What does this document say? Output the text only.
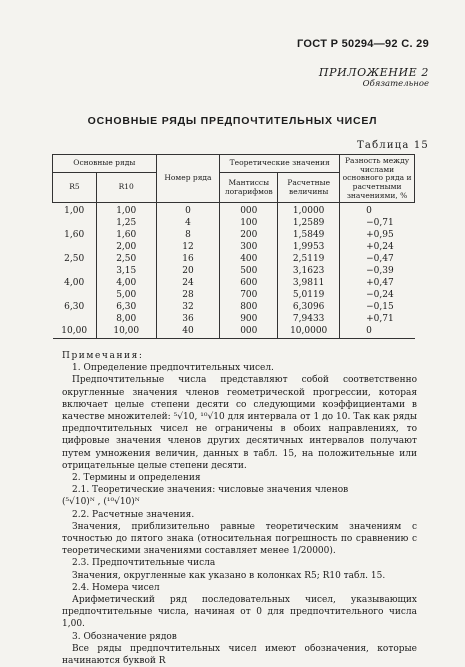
ГОСТ Р 50294—92 С. 29
ПРИЛОЖЕНИЕ 2
Обязательное
ОСНОВНЫЕ РЯДЫ ПРЕДПОЧТИТЕЛЬНЫХ ЧИСЕЛ
Таблица 15
Основные ряды		Номер ряда	Теоретические значения		Разность между числами основного ряда и расчетными значениями, %
R5	R10		Мантиссы логарифмов	Расчетные величины	
1,00	1,00	0	000	1,0000	0
	1,25	4	100	1,2589	−0,71
1,60	1,60	8	200	1,5849	+0,95
	2,00	12	300	1,9953	+0,24
2,50	2,50	16	400	2,5119	−0,47
	3,15	20	500	3,1623	−0,39
4,00	4,00	24	600	3,9811	+0,47
	5,00	28	700	5,0119	−0,24
6,30	6,30	32	800	6,3096	−0,15
	8,00	36	900	7,9433	+0,71
10,00	10,00	40	000	10,0000	0

Примечания:

1. Определение предпочтительных чисел.

Предпочтительные числа представляют собой соответственно округленные значения членов геометрической прогрессии, которая включает целые степени десяти со следующими коэффициентами в качестве множителей: ⁵√10, ¹⁰√10 для интервала от 1 до 10. Так как ряды предпочтительных чисел не ограничены в обоих направлениях, то цифровые значения членов других десятичных интервалов получают путем умножения величин, данных в табл. 15, на положительные или отрицательные целые степени десяти.

2. Термины и определения

2.1. Теоретические значения: числовые значения членов

(⁵√10)ᴺ , (¹⁰√10)ᴺ

2.2. Расчетные значения.

Значения, приблизительно равные теоретическим значениям с точностью до пятого знака (относительная погрешность по сравнению с теоретическими значениями составляет менее 1/20000).

2.3. Предпочтительные числа

Значения, округленные как указано в колонках R5; R10 табл. 15.

2.4. Номера чисел

Арифметический ряд последовательных чисел, указывающих предпочтительные числа, начиная от 0 для предпочтительного числа 1,00.

3. Обозначение рядов

Все ряды предпочтительных чисел имеют обозначения, которые начинаются буквой R
